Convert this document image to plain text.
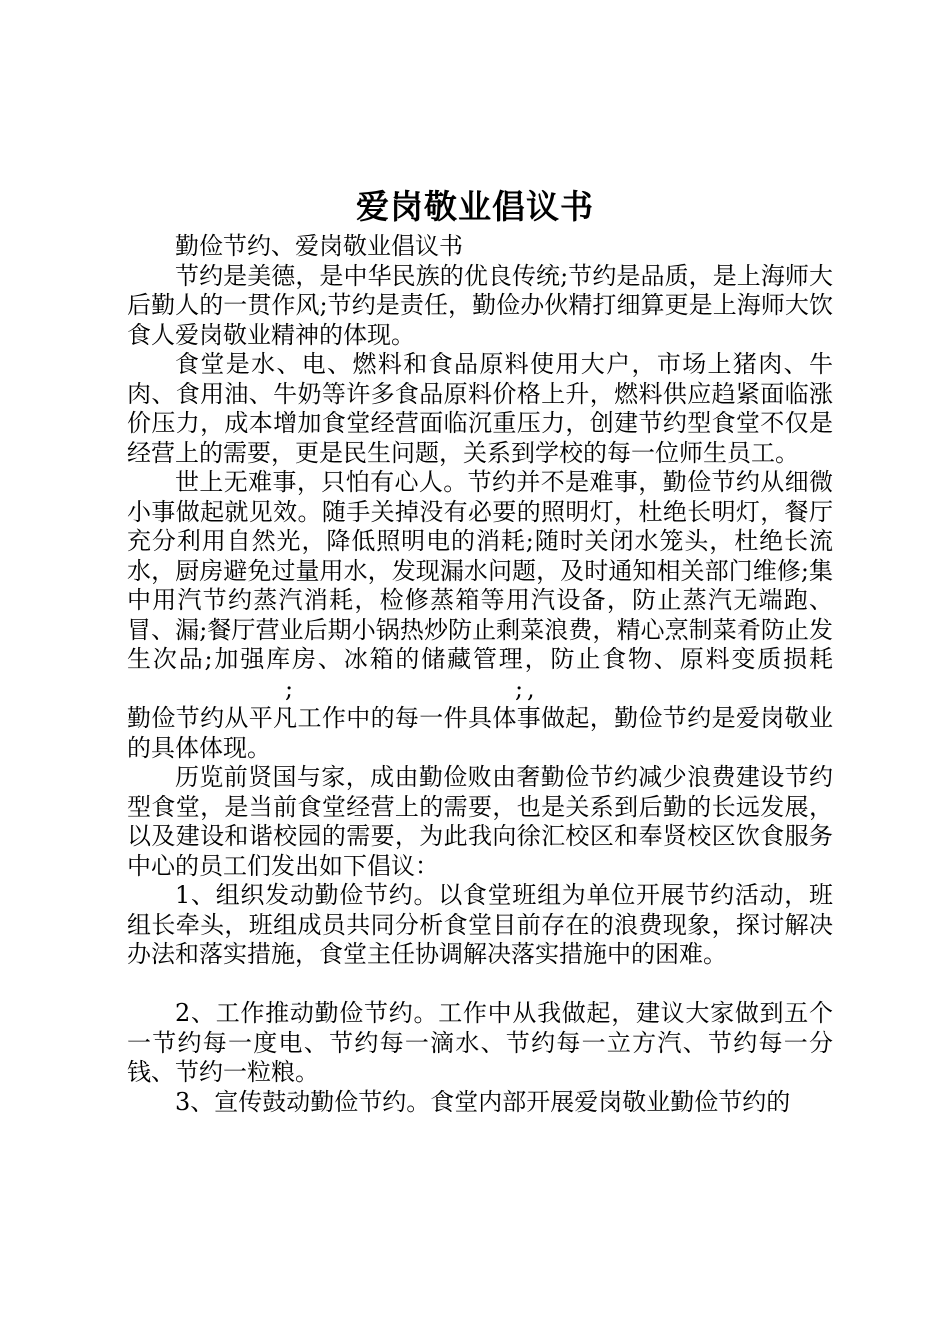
爱岗敬业倡议书

勤俭节约、爱岗敬业倡议书

节约是美德，是中华民族的优良传统;节约是品质，是上海师大后勤人的一贯作风;节约是责任，勤俭办伙精打细算更是上海师大饮食人爱岗敬业精神的体现。

食堂是水、电、燃料和食品原料使用大户，市场上猪肉、牛肉、食用油、牛奶等许多食品原料价格上升，燃料供应趋紧面临涨价压力，成本增加食堂经营面临沉重压力，创建节约型食堂不仅是经营上的需要，更是民生问题，关系到学校的每一位师生员工。

世上无难事，只怕有心人。节约并不是难事，勤俭节约从细微小事做起就见效。随手关掉没有必要的照明灯，杜绝长明灯，餐厅充分利用自然光，降低照明电的消耗;随时关闭水笼头，杜绝长流水，厨房避免过量用水，发现漏水问题，及时通知相关部门维修;集中用汽节约蒸汽消耗，检修蒸箱等用汽设备，防止蒸汽无端跑、冒、漏;餐厅营业后期小锅热炒防止剩菜浪费，精心烹制菜肴防止发生次品;加强库房、冰箱的储藏管理，防止食物、原料变质损耗
;	; ,

勤俭节约从平凡工作中的每一件具体事做起，勤俭节约是爱岗敬业的具体体现。

历览前贤国与家，成由勤俭败由奢勤俭节约减少浪费建设节约型食堂，是当前食堂经营上的需要，也是关系到后勤的长远发展，以及建设和谐校园的需要，为此我向徐汇校区和奉贤校区饮食服务中心的员工们发出如下倡议：

1、组织发动勤俭节约。以食堂班组为单位开展节约活动，班组长牵头，班组成员共同分析食堂目前存在的浪费现象，探讨解决办法和落实措施，食堂主任协调解决落实措施中的困难。

2、工作推动勤俭节约。工作中从我做起，建议大家做到五个一节约每一度电、节约每一滴水、节约每一立方汽、节约每一分钱、节约一粒粮。

3、宣传鼓动勤俭节约。食堂内部开展爱岗敬业勤俭节约的
